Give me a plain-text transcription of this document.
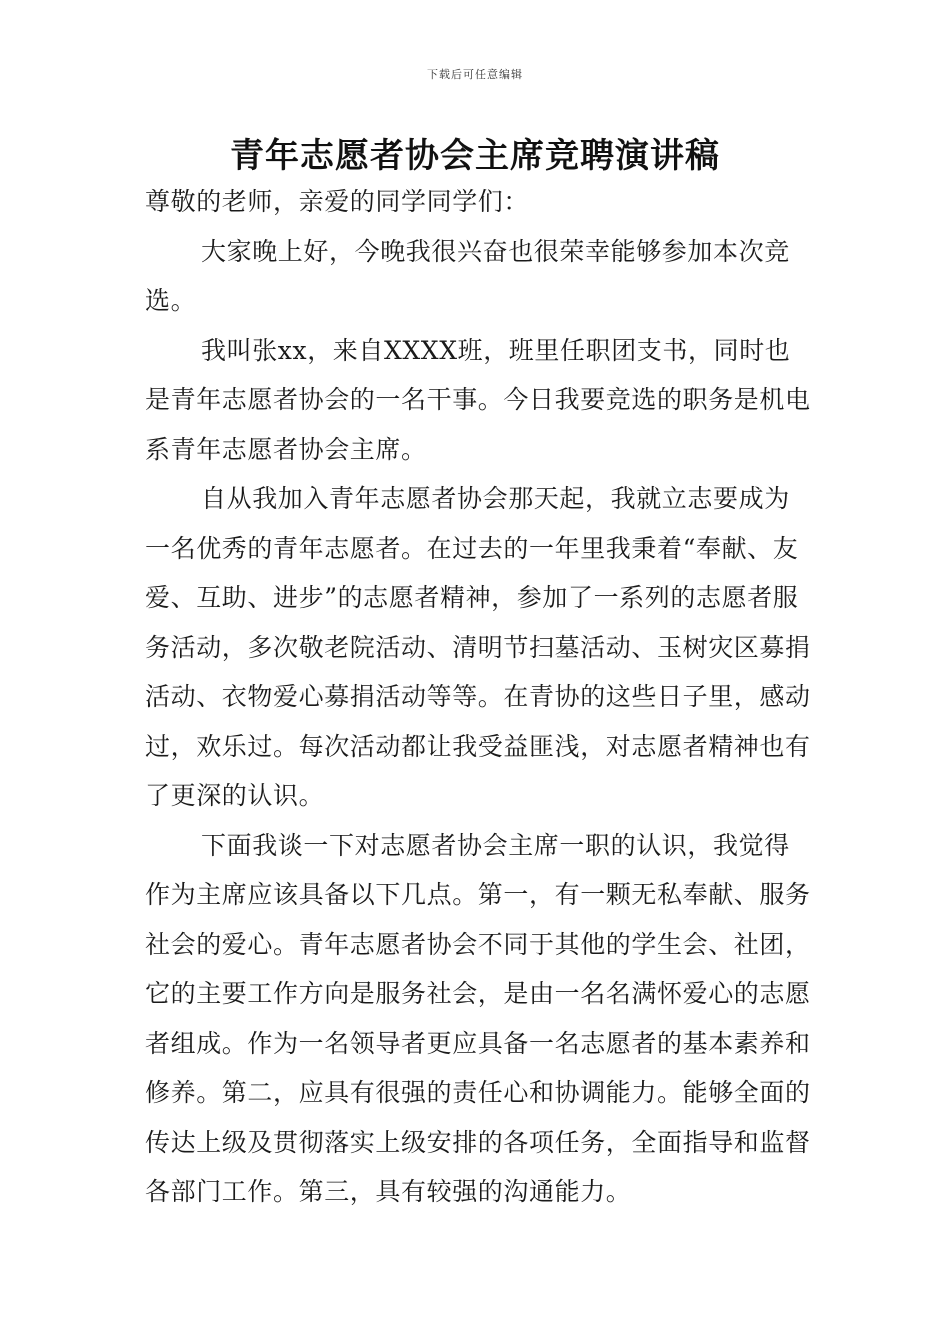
下载后可任意编辑
青年志愿者协会主席竞聘演讲稿

尊敬的老师，亲爱的同学同学们：

大家晚上好，今晚我很兴奋也很荣幸能够参加本次竞选。

我叫张xx，来自XXXX班，班里任职团支书，同时也是青年志愿者协会的一名干事。今日我要竞选的职务是机电系青年志愿者协会主席。

自从我加入青年志愿者协会那天起，我就立志要成为一名优秀的青年志愿者。在过去的一年里我秉着“奉献、友爱、互助、进步”的志愿者精神，参加了一系列的志愿者服务活动，多次敬老院活动、清明节扫墓活动、玉树灾区募捐活动、衣物爱心募捐活动等等。在青协的这些日子里，感动过，欢乐过。每次活动都让我受益匪浅，对志愿者精神也有了更深的认识。

下面我谈一下对志愿者协会主席一职的认识，我觉得作为主席应该具备以下几点。第一，有一颗无私奉献、服务社会的爱心。青年志愿者协会不同于其他的学生会、社团，它的主要工作方向是服务社会，是由一名名满怀爱心的志愿者组成。作为一名领导者更应具备一名志愿者的基本素养和修养。第二，应具有很强的责任心和协调能力。能够全面的传达上级及贯彻落实上级安排的各项任务，全面指导和监督各部门工作。第三，具有较强的沟通能力。
